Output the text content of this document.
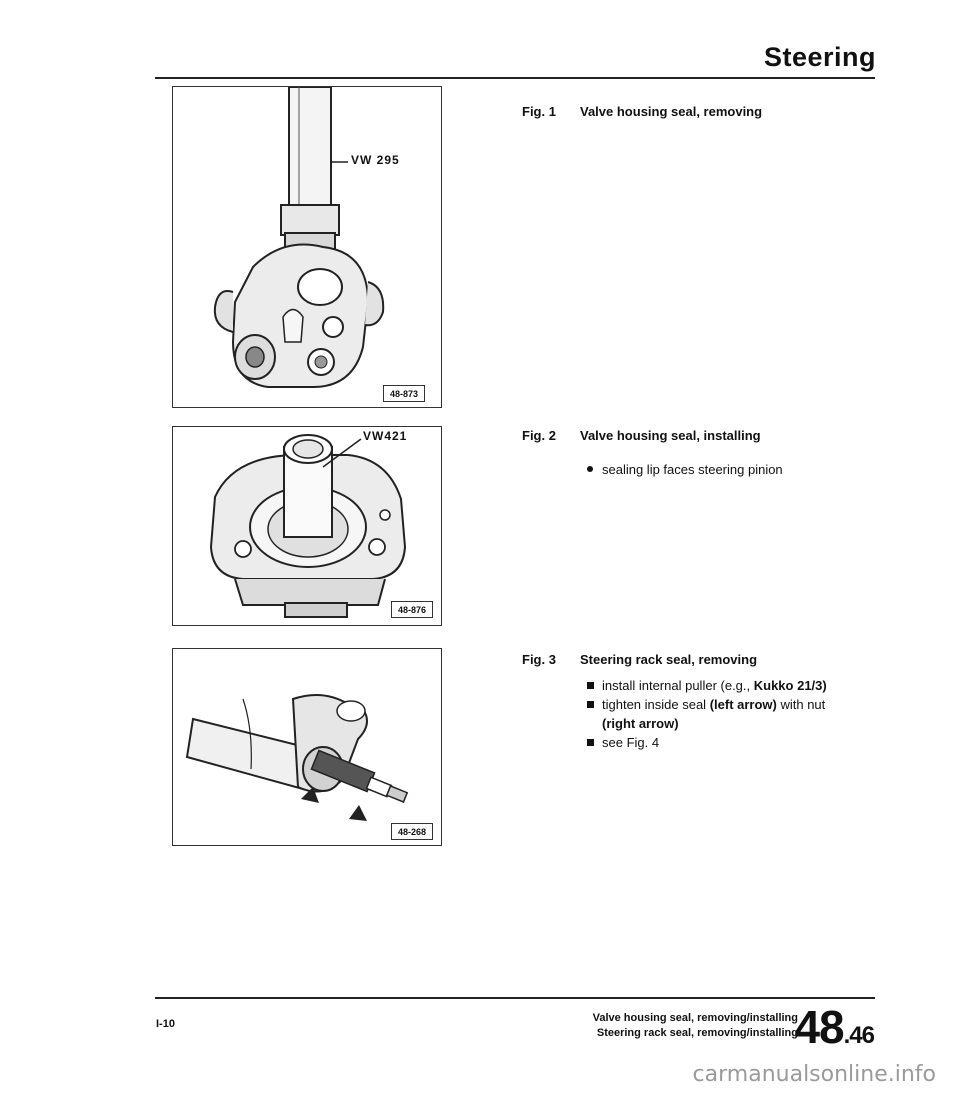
Steering
VW 295
48-873
VW421
48-876
48-268
Fig. 1 Valve housing seal, removing
Fig. 2 Valve housing seal, installing
sealing lip faces steering pinion
Fig. 3 Steering rack seal, removing
install internal puller (e.g., Kukko 21/3)
tighten inside seal (left arrow) with nut
(right arrow)
see Fig. 4
I-10	Valve housing seal, removing/installing
Steering rack seal, removing/installing
48.46
carmanualsonline.info
